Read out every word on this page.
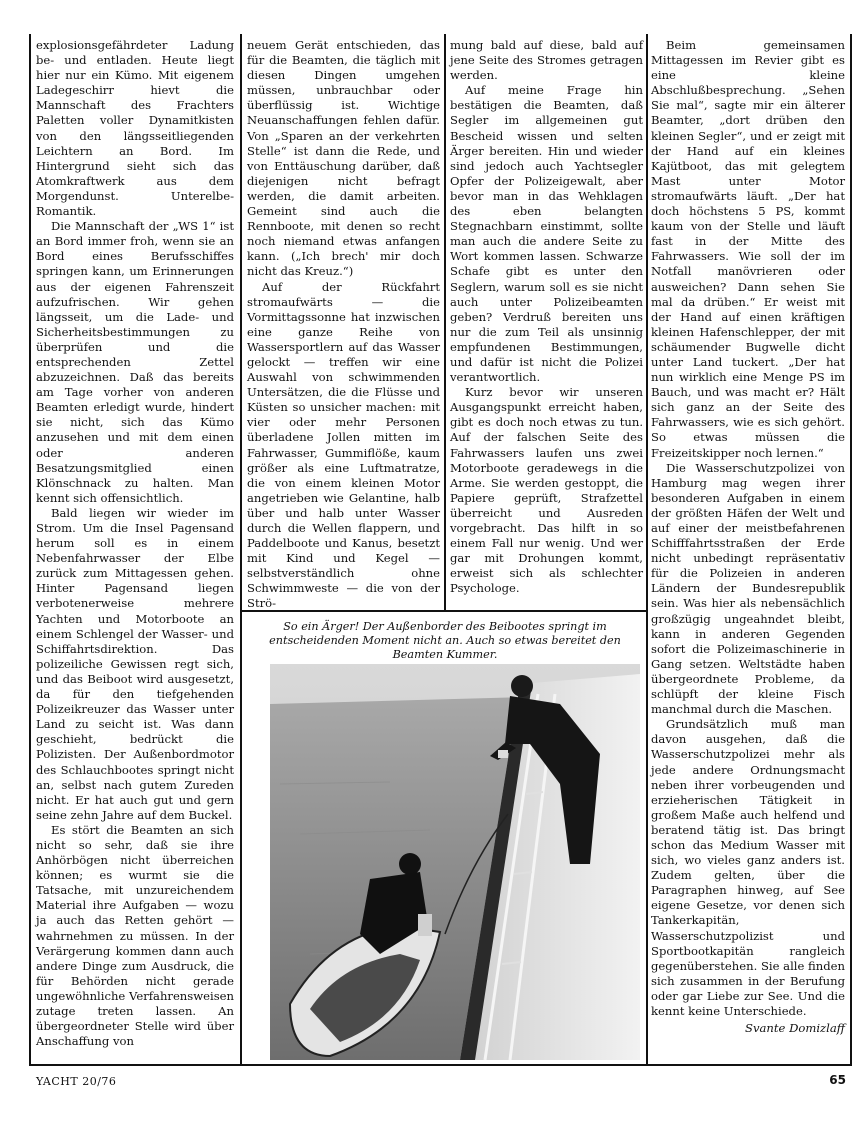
explosionsgefährdeter Ladung be- und entladen. Heute liegt hier nur ein Kümo. Mit eigenem Ladegeschirr hievt die Mannschaft des Frachters Paletten voller Dynamitkisten von den längsseitliegenden Leichtern an Bord. Im Hintergrund sieht sich das Atomkraftwerk aus dem Morgendunst. Unterelbe-Romantik.

Die Mannschaft der „WS 1“ ist an Bord immer froh, wenn sie an Bord eines Berufsschiffes springen kann, um Erinnerungen aus der eigenen Fahrenszeit aufzufrischen. Wir gehen längsseit, um die Lade- und Sicherheitsbestimmungen zu überprüfen und die entsprechenden Zettel abzuzeichnen. Daß das bereits am Tage vorher von anderen Beamten erledigt wurde, hindert sie nicht, sich das Kümo anzusehen und mit dem einen oder anderen Besatzungsmitglied einen Klönschnack zu halten. Man kennt sich offensichtlich.

Bald liegen wir wieder im Strom. Um die Insel Pagensand herum soll es in einem Nebenfahrwasser der Elbe zurück zum Mittagessen gehen. Hinter Pagensand liegen verbotenerweise mehrere Yachten und Motorboote an einem Schlengel der Wasser- und Schiffahrtsdirektion. Das polizeiliche Gewissen regt sich, und das Beiboot wird ausgesetzt, da für den tiefgehenden Polizeikreuzer das Wasser unter Land zu seicht ist. Was dann geschieht, bedrückt die Polizisten. Der Außenbordmotor des Schlauchbootes springt nicht an, selbst nach gutem Zureden nicht. Er hat auch gut und gern seine zehn Jahre auf dem Buckel.

Es stört die Beamten an sich nicht so sehr, daß sie ihre Anhörbögen nicht überreichen können; es wurmt sie die Tatsache, mit unzureichendem Material ihre Aufgaben — wozu ja auch das Retten gehört — wahrnehmen zu müssen. In der Verärgerung kommen dann auch andere Dinge zum Ausdruck, die für Behörden nicht gerade ungewöhnliche Verfahrensweisen zutage treten lassen. An übergeordneter Stelle wird über Anschaffung von

neuem Gerät entschieden, das für die Beamten, die täglich mit diesen Dingen umgehen müssen, unbrauchbar oder überflüssig ist. Wichtige Neuanschaffungen fehlen dafür. Von „Sparen an der verkehrten Stelle“ ist dann die Rede, und von Enttäuschung darüber, daß diejenigen nicht befragt werden, die damit arbeiten. Gemeint sind auch die Rennboote, mit denen so recht noch niemand etwas anfangen kann. („Ich brech' mir doch nicht das Kreuz.“)

Auf der Rückfahrt stromaufwärts — die Vormittagssonne hat inzwischen eine ganze Reihe von Wassersportlern auf das Wasser gelockt — treffen wir eine Auswahl von schwimmenden Untersätzen, die die Flüsse und Küsten so unsicher machen: mit vier oder mehr Personen überladene Jollen mitten im Fahrwasser, Gummiflöße, kaum größer als eine Luftmatratze, die von einem kleinen Motor angetrieben wie Gelantine, halb über und halb unter Wasser durch die Wellen flappern, und Paddelboote und Kanus, besetzt mit Kind und Kegel — selbstverständlich ohne Schwimmweste — die von der Strö-

mung bald auf diese, bald auf jene Seite des Stromes getragen werden.

Auf meine Frage hin bestätigen die Beamten, daß Segler im allgemeinen gut Bescheid wissen und selten Ärger bereiten. Hin und wieder sind jedoch auch Yachtsegler Opfer der Polizeigewalt, aber bevor man in das Wehklagen des eben belangten Stegnachbarn einstimmt, sollte man auch die andere Seite zu Wort kommen lassen. Schwarze Schafe gibt es unter den Seglern, warum soll es sie nicht auch unter Polizeibeamten geben? Verdruß bereiten uns nur die zum Teil als unsinnig empfundenen Bestimmungen, und dafür ist nicht die Polizei verantwortlich.

Kurz bevor wir unseren Ausgangspunkt erreicht haben, gibt es doch noch etwas zu tun. Auf der falschen Seite des Fahrwassers laufen uns zwei Motorboote geradewegs in die Arme. Sie werden gestoppt, die Papiere geprüft, Strafzettel überreicht und Ausreden vorgebracht. Das hilft in so einem Fall nur wenig. Und wer gar mit Drohungen kommt, erweist sich als schlechter Psychologe.

Beim gemeinsamen Mittagessen im Revier gibt es eine kleine Abschlußbesprechung. „Sehen Sie mal“, sagte mir ein älterer Beamter, „dort drüben den kleinen Segler“, und er zeigt mit der Hand auf ein kleines Kajütboot, das mit gelegtem Mast unter Motor stromaufwärts läuft. „Der hat doch höchstens 5 PS, kommt kaum von der Stelle und läuft fast in der Mitte des Fahrwassers. Wie soll der im Notfall manövrieren oder ausweichen? Dann sehen Sie mal da drüben.“ Er weist mit der Hand auf einen kräftigen kleinen Hafenschlepper, der mit schäumender Bugwelle dicht unter Land tuckert. „Der hat nun wirklich eine Menge PS im Bauch, und was macht er? Hält sich ganz an der Seite des Fahrwassers, wie es sich gehört. So etwas müssen die Freizeitskipper noch lernen.“

Die Wasserschutzpolizei von Hamburg mag wegen ihrer besonderen Aufgaben in einem der größten Häfen der Welt und auf einer der meistbefahrenen Schifffahrtsstraßen der Erde nicht unbedingt repräsentativ für die Polizeien in anderen Ländern der Bundesrepublik sein. Was hier als nebensächlich großzügig ungeahndet bleibt, kann in anderen Gegenden sofort die Polizeimaschinerie in Gang setzen. Weltstädte haben übergeordnete Probleme, da schlüpft der kleine Fisch manchmal durch die Maschen.

Grundsätzlich muß man davon ausgehen, daß die Wasserschutzpolizei mehr als jede andere Ordnungsmacht neben ihrer vorbeugenden und erzieherischen Tätigkeit in großem Maße auch helfend und beratend tätig ist. Das bringt schon das Medium Wasser mit sich, wo vieles ganz anders ist. Zudem gelten, über die Paragraphen hinweg, auf See eigene Gesetze, vor denen sich Tankerkapitän, Wasserschutzpolizist und Sportbootkapitän rangleich gegenüberstehen. Sie alle finden sich zusammen in der Berufung oder gar Liebe zur See. Und die kennt keine Unterschiede.

Svante Domizlaff
So ein Ärger! Der Außenborder des Beibootes springt im entscheidenden Moment nicht an. Auch so etwas bereitet den Beamten Kummer.
YACHT 20/76	65
